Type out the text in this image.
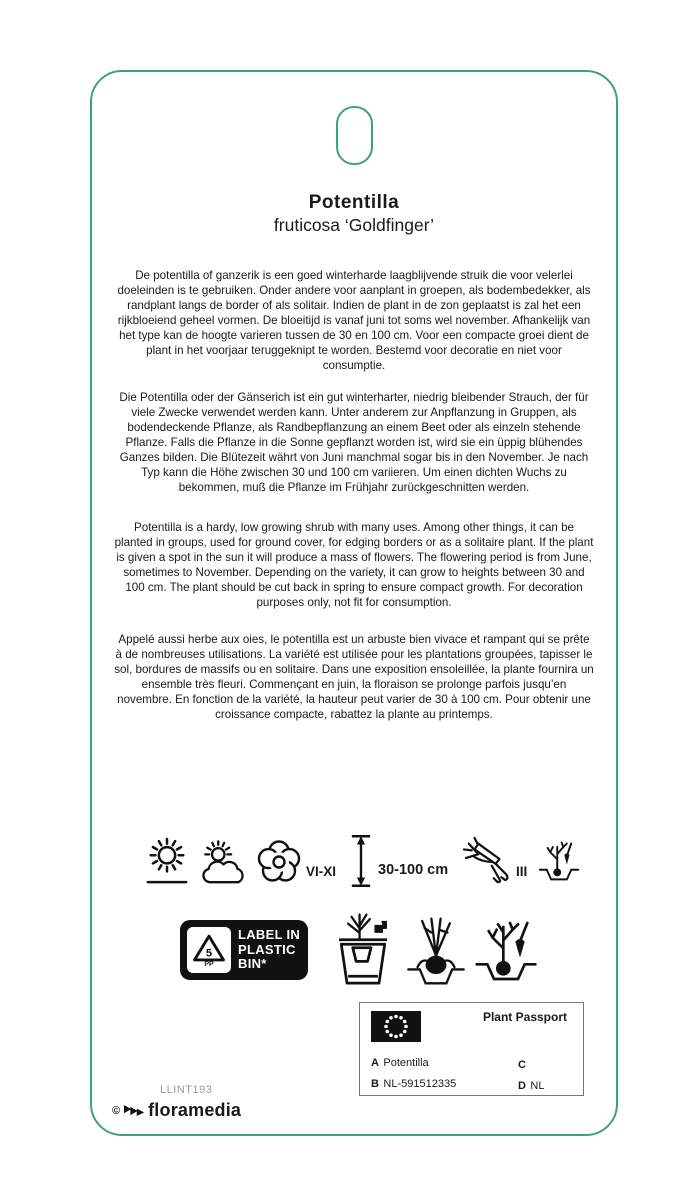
Potentilla
fruticosa ‘Goldfinger’
De potentilla of ganzerik is een goed winterharde laagblijvende struik die voor velerlei doeleinden is te gebruiken. Onder andere voor aanplant in groepen, als bodembedekker, als randplant langs de border of als solitair. Indien de plant in de zon geplaatst is zal het een rijkbloeiend geheel vormen. De bloeitijd is vanaf juni tot soms wel november. Afhankelijk van het type kan de hoogte varieren tussen de 30 en 100 cm. Voor een compacte groei dient de plant in het voorjaar teruggeknipt te worden. Bestemd voor decoratie en niet voor consumptie.
Die Potentilla oder der Gänserich ist ein gut winterharter, niedrig bleibender Strauch, der für viele Zwecke verwendet werden kann. Unter anderem zur Anpflanzung in Gruppen, als bodendeckende Pflanze, als Randbepflanzung an einem Beet oder als einzeln stehende Pflanze. Falls die Pflanze in die Sonne gepflanzt worden ist, wird sie ein üppig blühendes Ganzes bilden. Die Blütezeit währt von Juni manchmal sogar bis in den November. Je nach Typ kann die Höhe zwischen 30 und 100 cm variieren. Um einen dichten Wuchs zu bekommen, muß die Pflanze im Frühjahr zurückgeschnitten werden.
Potentilla is a hardy, low growing shrub with many uses. Among other things, it can be planted in groups, used for ground cover, for edging borders or as a solitaire plant. If the plant is given a spot in the sun it will produce a mass of flowers. The flowering period is from June, sometimes to November. Depending on the variety, it can grow to heights between 30 and 100 cm. The plant should be cut back in spring to ensure compact growth. For decoration purposes only, not fit for consumption.
Appelé aussi herbe aux oies, le potentilla est un arbuste bien vivace et rampant qui se prête à de nombreuses utilisations. La variété est utilisée pour les plantations groupées, tapisser le sol, bordures de massifs ou en solitaire. Dans une exposition ensoleillée, la plante fournira un ensemble très fleuri. Commençant en juin, la floraison se prolonge parfois jusqu’en novembre. En fonction de la variété, la hauteur peut varier de 30 à 100 cm. Pour obtenir une croissance compacte, rabattez la plante au printemps.
VI-XI	30-100 cm	III
5
PP
LABEL IN
PLASTIC
BIN*
Plant Passport
A Potentilla
B NL-591512335
C
D NL
LLINT193
© floramedia
